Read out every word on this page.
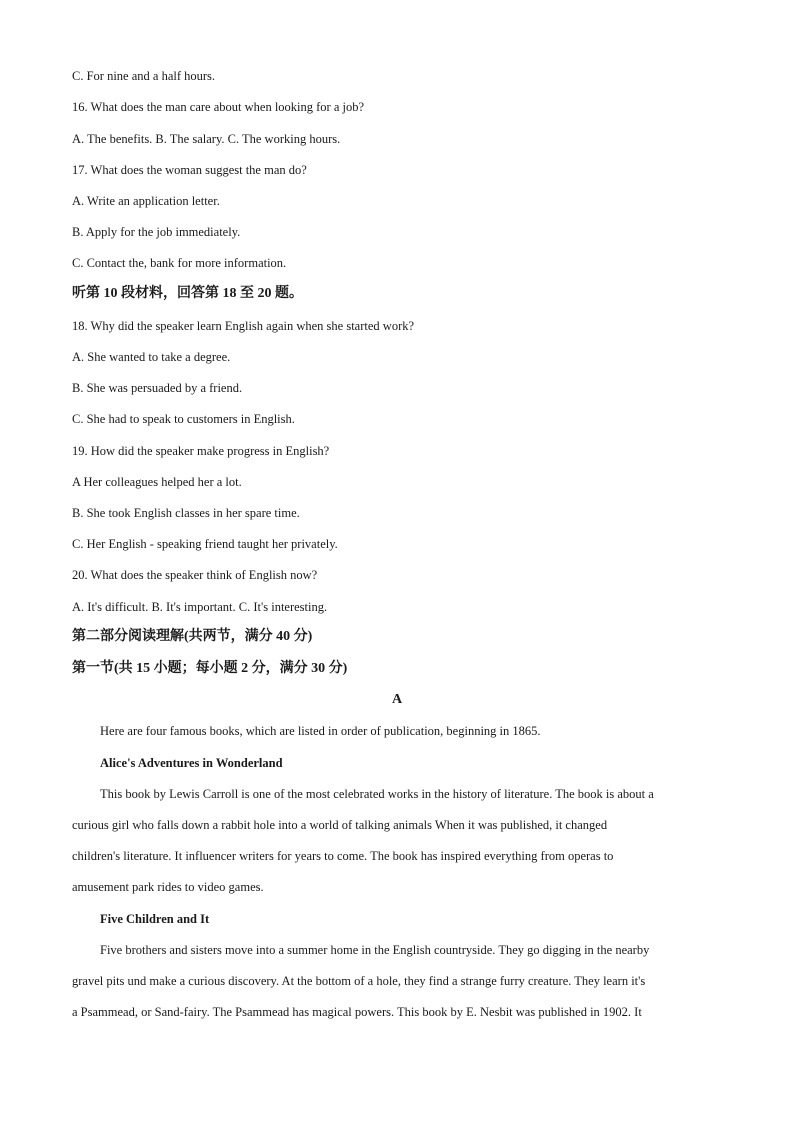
C. For nine and a half hours.
16. What does the man care about when looking for a job?
A. The benefits. B. The salary. C. The working hours.
17. What does the woman suggest the man do?
A. Write an application letter.
B. Apply for the job immediately.
C. Contact the, bank for more information.
听第 10 段材料，回答第 18 至 20 题。
18. Why did the speaker learn English again when she started work?
A. She wanted to take a degree.
B. She was persuaded by a friend.
C. She had to speak to customers in English.
19. How did the speaker make progress in English?
A Her colleagues helped her a lot.
B. She took English classes in her spare time.
C. Her English - speaking friend taught her privately.
20. What does the speaker think of English now?
A. It's difficult. B. It's important. C. It's interesting.
第二部分阅读理解(共两节，满分 40 分)
第一节(共 15 小题；每小题 2 分，满分 30 分)
A
Here are four famous books, which are listed in order of publication, beginning in 1865.
Alice's Adventures in Wonderland
This book by Lewis Carroll is one of the most celebrated works in the history of literature. The book is about a
curious girl who falls down a rabbit hole into a world of talking animals When it was published, it changed
children's literature. It influencer writers for years to come. The book has inspired everything from operas to
amusement park rides to video games.
Five Children and It
Five brothers and sisters move into a summer home in the English countryside. They go digging in the nearby
gravel pits und make a curious discovery. At the bottom of a hole, they find a strange furry creature. They learn it's
a Psammead, or Sand-fairy. The Psammead has magical powers. This book by E. Nesbit was published in 1902. It
